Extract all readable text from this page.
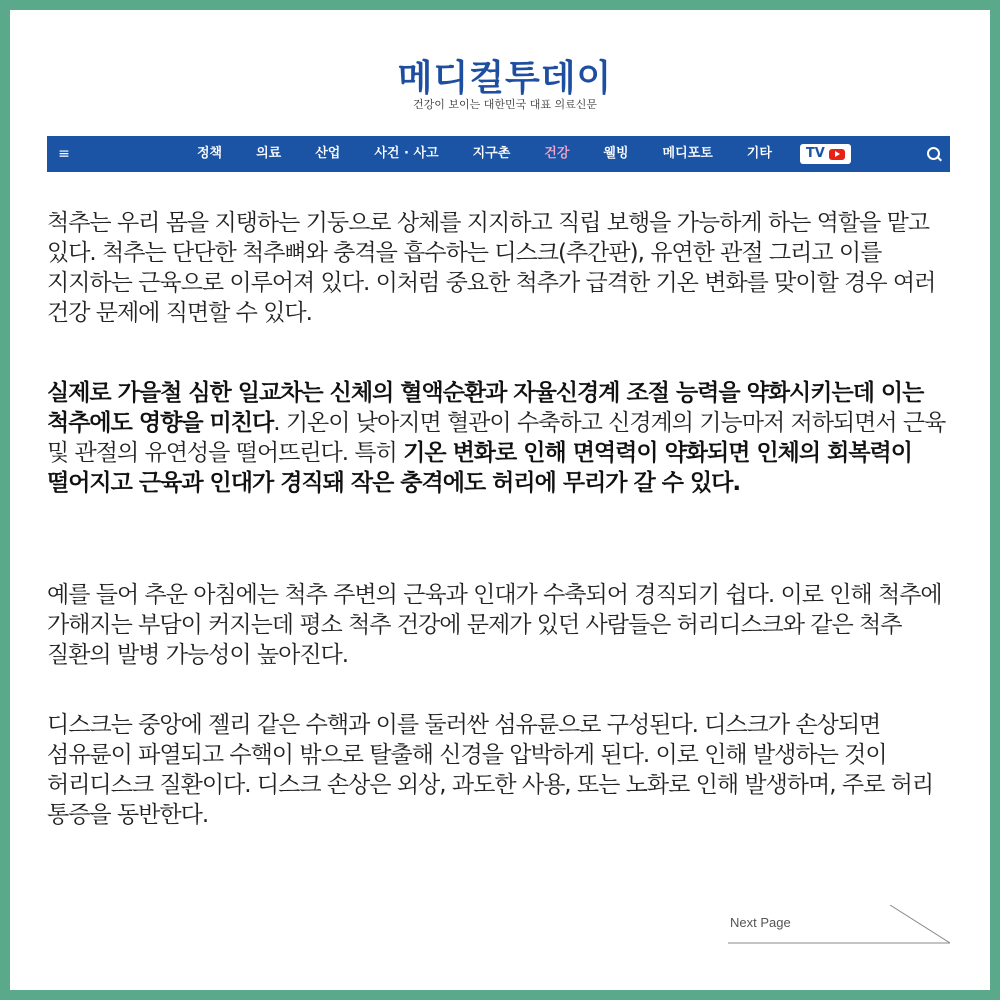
메디컬투데이
건강이 보이는 대한민국 대표 의료신문
≡	정책	의료	산업	사건 · 사고	지구촌	건강	웰빙	메디포토	기타	TV

척추는 우리 몸을 지탱하는 기둥으로 상체를 지지하고 직립 보행을 가능하게 하는 역할을 맡고 있다. 척추는 단단한 척추뼈와 충격을 흡수하는 디스크(추간판), 유연한 관절 그리고 이를 지지하는 근육으로 이루어져 있다. 이처럼 중요한 척추가 급격한 기온 변화를 맞이할 경우 여러 건강 문제에 직면할 수 있다.

실제로 가을철 심한 일교차는 신체의 혈액순환과 자율신경계 조절 능력을 약화시키는데 이는 척추에도 영향을 미친다. 기온이 낮아지면 혈관이 수축하고 신경계의 기능마저 저하되면서 근육 및 관절의 유연성을 떨어뜨린다. 특히 기온 변화로 인해 면역력이 약화되면 인체의 회복력이 떨어지고 근육과 인대가 경직돼 작은 충격에도 허리에 무리가 갈 수 있다.

예를 들어 추운 아침에는 척추 주변의 근육과 인대가 수축되어 경직되기 쉽다. 이로 인해 척추에 가해지는 부담이 커지는데 평소 척추 건강에 문제가 있던 사람들은 허리디스크와 같은 척추 질환의 발병 가능성이 높아진다.

디스크는 중앙에 젤리 같은 수핵과 이를 둘러싼 섬유륜으로 구성된다. 디스크가 손상되면 섬유륜이 파열되고 수핵이 밖으로 탈출해 신경을 압박하게 된다. 이로 인해 발생하는 것이 허리디스크 질환이다. 디스크 손상은 외상, 과도한 사용, 또는 노화로 인해 발생하며, 주로 허리 통증을 동반한다.

Next Page
